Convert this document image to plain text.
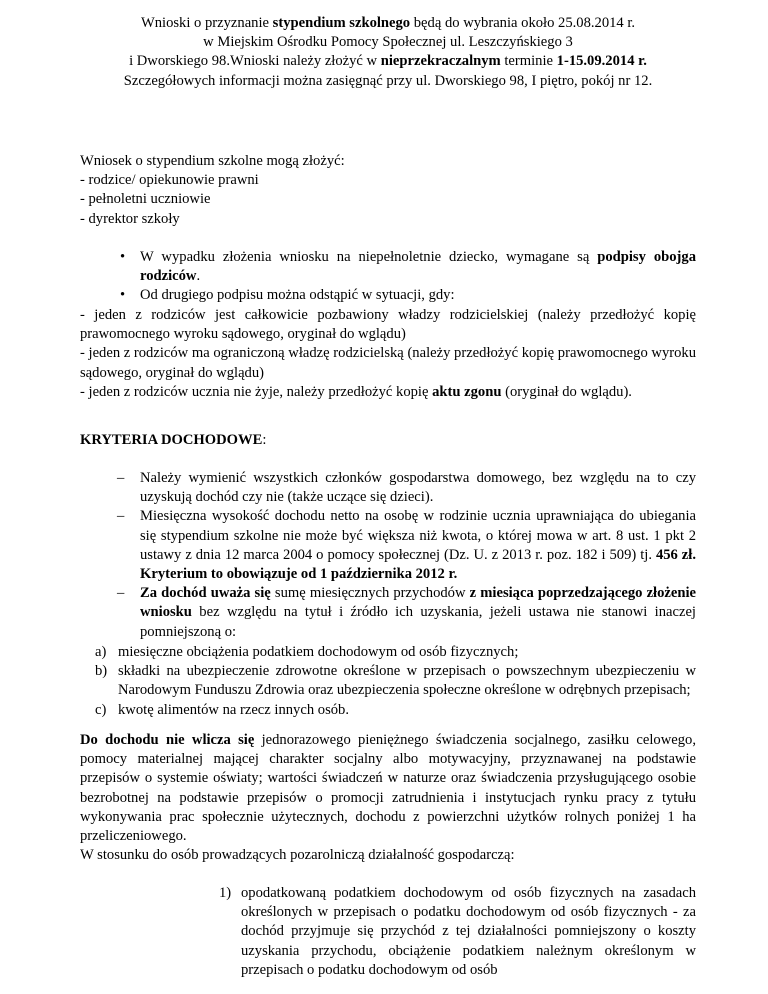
Wnioski o przyznanie stypendium szkolnego będą do wybrania około 25.08.2014 r.

w Miejskim Ośrodku Pomocy Społecznej ul. Leszczyńskiego 3

i Dworskiego 98.Wnioski należy złożyć w nieprzekraczalnym terminie 1-15.09.2014 r.

Szczegółowych informacji można zasięgnąć przy ul. Dworskiego 98, I piętro, pokój nr 12.

Wniosek o stypendium szkolne mogą złożyć:

- rodzice/ opiekunowie prawni

- pełnoletni uczniowie

- dyrektor szkoły

• W wypadku złożenia wniosku na niepełnoletnie dziecko, wymagane są podpisy obojga rodziców.
• Od drugiego podpisu można odstąpić w sytuacji, gdy:

- jeden z rodziców jest całkowicie pozbawiony władzy rodzicielskiej (należy przedłożyć kopię prawomocnego wyroku sądowego, oryginał do wglądu)

- jeden z rodziców ma ograniczoną władzę rodzicielską (należy przedłożyć kopię prawomocnego wyroku sądowego, oryginał do wglądu)

- jeden z rodziców ucznia nie żyje, należy przedłożyć kopię aktu zgonu (oryginał do wglądu).

KRYTERIA DOCHODOWE:

– Należy wymienić wszystkich członków gospodarstwa domowego, bez względu na to czy uzyskują dochód czy nie (także uczące się dzieci).
– Miesięczna wysokość dochodu netto na osobę w rodzinie ucznia uprawniająca do ubiegania się stypendium szkolne nie może być większa niż kwota, o której mowa w art. 8 ust. 1 pkt 2 ustawy z dnia 12 marca 2004 o pomocy społecznej (Dz. U. z 2013 r. poz. 182 i 509) tj. 456 zł. Kryterium to obowiązuje od 1 października 2012 r.
– Za dochód uważa się sumę miesięcznych przychodów z miesiąca poprzedzającego złożenie wniosku bez względu na tytuł i źródło ich uzyskania, jeżeli ustawa nie stanowi inaczej pomniejszoną o:
a) miesięczne obciążenia podatkiem dochodowym od osób fizycznych;
b) składki na ubezpieczenie zdrowotne określone w przepisach o powszechnym ubezpieczeniu w Narodowym Funduszu Zdrowia oraz ubezpieczenia społeczne określone w odrębnych przepisach;
c) kwotę alimentów na rzecz innych osób.

Do dochodu nie wlicza się jednorazowego pieniężnego świadczenia socjalnego, zasiłku celowego, pomocy materialnej mającej charakter socjalny albo motywacyjny, przyznawanej na podstawie przepisów o systemie oświaty; wartości świadczeń w naturze oraz świadczenia przysługującego osobie bezrobotnej na podstawie przepisów o promocji zatrudnienia i instytucjach rynku pracy z tytułu wykonywania prac społecznie użytecznych, dochodu z powierzchni użytków rolnych poniżej 1 ha przeliczeniowego.

W stosunku do osób prowadzących pozarolniczą działalność gospodarczą:

1) opodatkowaną podatkiem dochodowym od osób fizycznych na zasadach określonych w przepisach o podatku dochodowym od osób fizycznych - za dochód przyjmuje się przychód z tej działalności pomniejszony o koszty uzyskania przychodu, obciążenie podatkiem należnym określonym w przepisach o podatku dochodowym od osób
